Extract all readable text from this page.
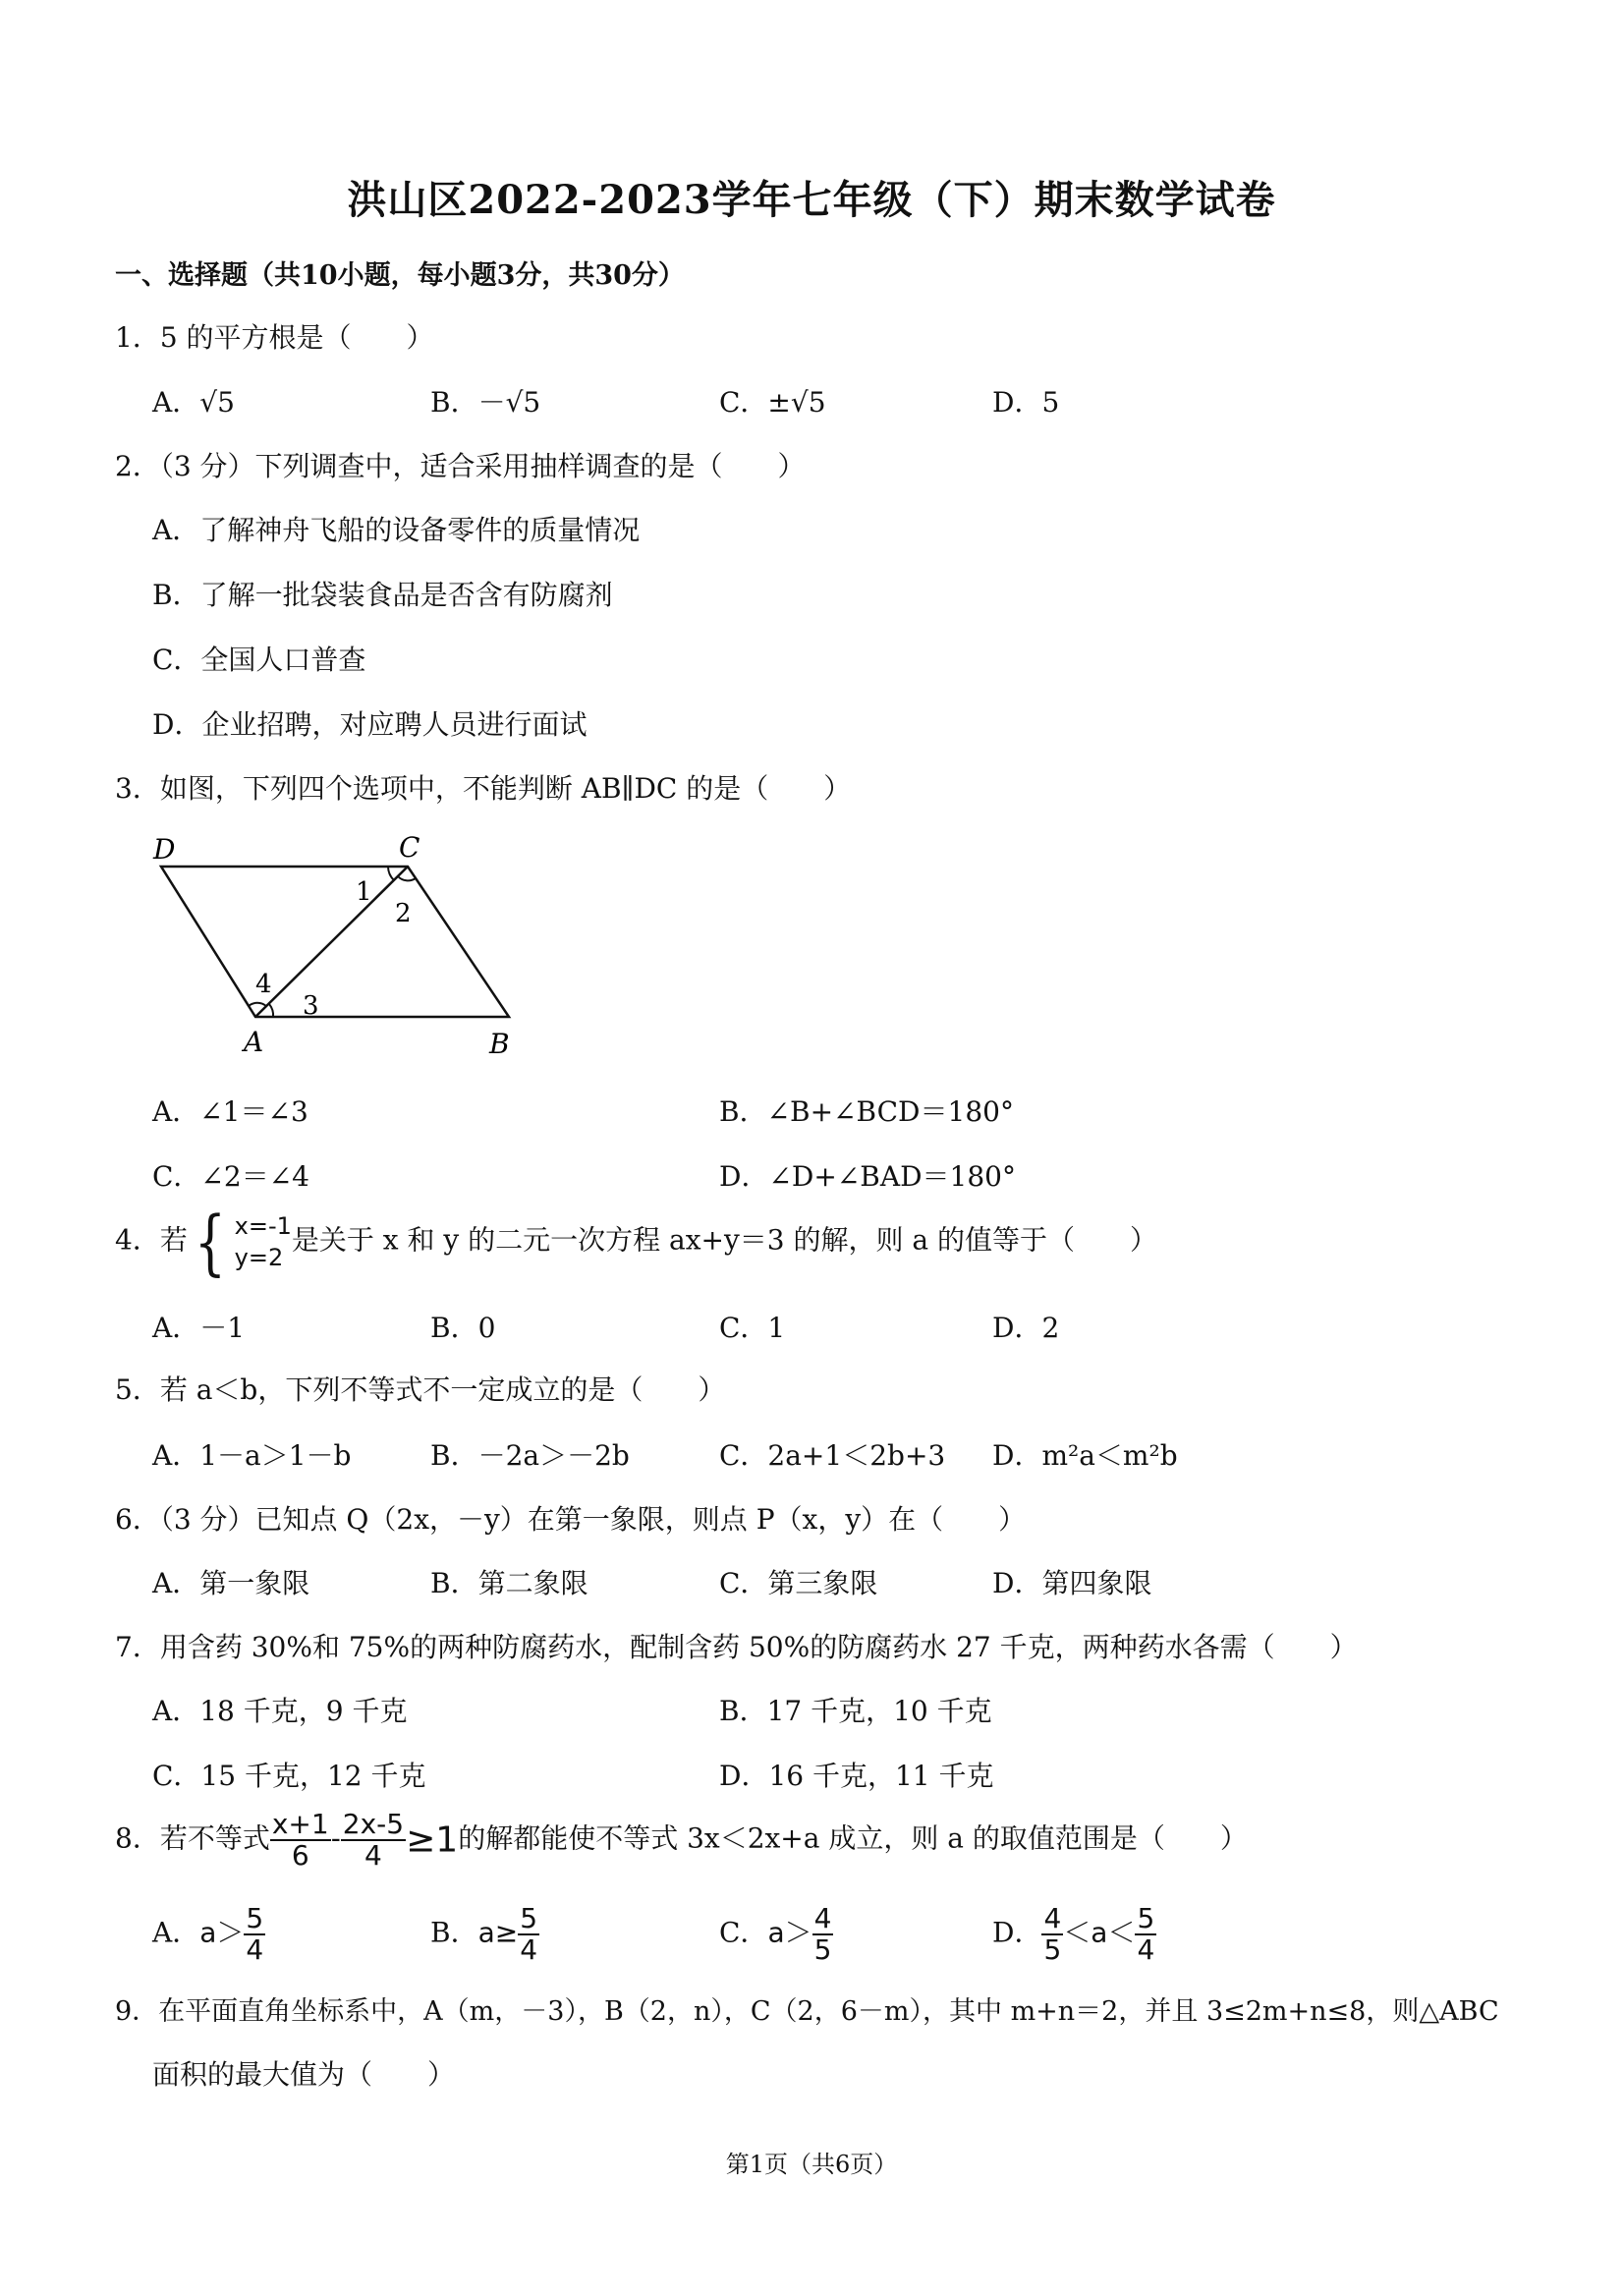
洪山区2022-2023学年七年级（下）期末数学试卷
一、选择题（共10小题，每小题3分，共30分）
1．5 的平方根是（　　）
A．√5	B．－√5	C．±√5	D．5
2．（3 分）下列调查中，适合采用抽样调查的是（　　）
A．了解神舟飞船的设备零件的质量情况
B．了解一批袋装食品是否含有防腐剂
C．全国人口普查
D．企业招聘，对应聘人员进行面试
3．如图，下列四个选项中，不能判断 AB∥DC 的是（　　）
D	C
A	B
1
2
3
4
A．∠1＝∠3	B．∠B+∠BCD＝180°
C．∠2＝∠4	D．∠D+∠BAD＝180°
4．若 { x=-1
y=2
是关于 x 和 y 的二元一次方程 ax+y＝3 的解，则 a 的值等于（　　）
A．－1	B．0	C．1	D．2
5．若 a＜b，下列不等式不一定成立的是（　　）
A．1－a＞1－b	B．－2a＞－2b	C．2a+1＜2b+3 D．m²a＜m²b
6．（3 分）已知点 Q（2x，－y）在第一象限，则点 P（x，y）在（　　）
A．第一象限	B．第二象限	C．第三象限	D．第四象限
7．用含药 30%和 75%的两种防腐药水，配制含药 50%的防腐药水 27 千克，两种药水各需（　　）
A．18 千克，9 千克	B．17 千克，10 千克
C．15 千克，12 千克	D．16 千克，11 千克
8．若不等式 $\frac{x+1}{6} - \frac{2x-5}{4} \ge 1$的解都能使不等式 3x＜2x+a 成立，则 a 的取值范围是（　　）
A．$a> \frac{5}{4}$	B．$a\ge \frac{5}{4}$	C．$a> \frac{4}{5}$	D． $\frac{4}{5} <a< \frac{5}{4}$
9．在平面直角坐标系中，A（m，－3），B（2，n），C（2，6－m），其中 m+n＝2，并且 3≤2m+n≤8，则△ABC
面积的最大值为（　　）
第1页（共6页）
